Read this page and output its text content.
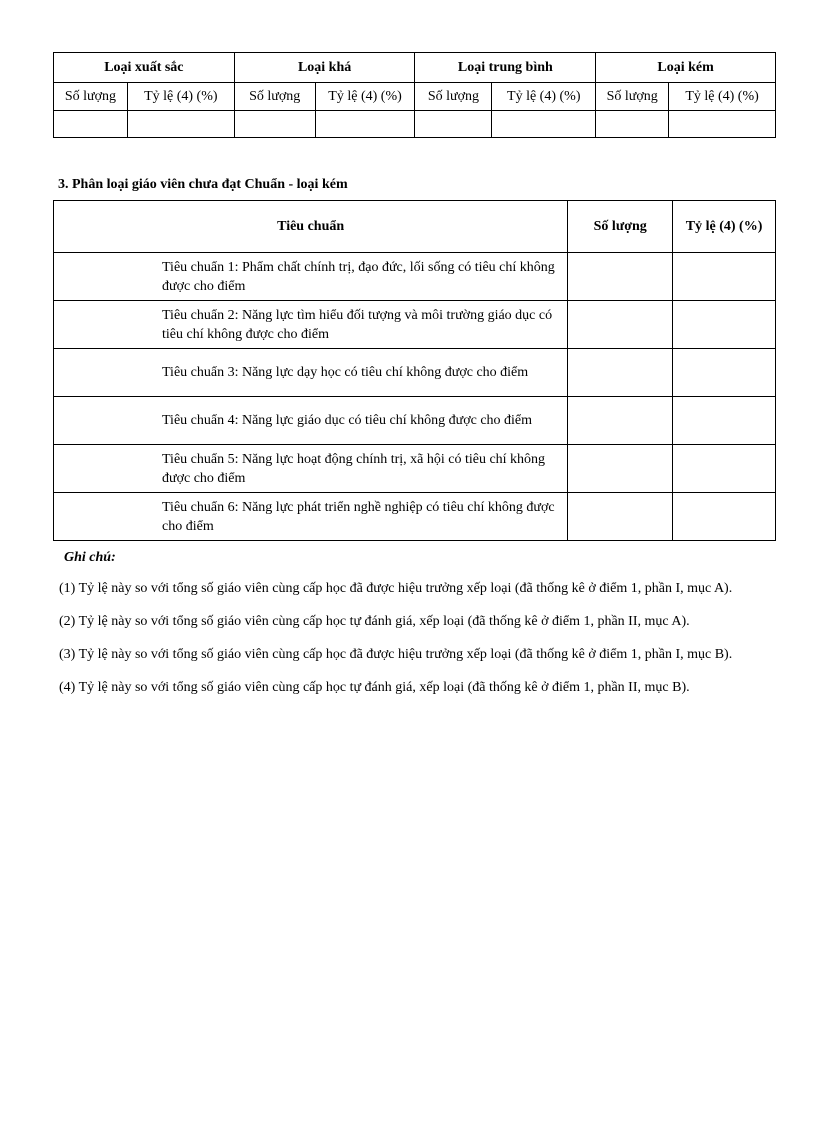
Loại xuất sắc		Loại khá		Loại trung bình		Loại kém	
Số lượng	Tỷ lệ (4) (%)	Số lượng	Tỷ lệ (4) (%)	Số lượng	Tỷ lệ (4) (%)	Số lượng	Tỷ lệ (4) (%)

3. Phân loại giáo viên chưa đạt Chuẩn - loại kém

Tiêu chuẩn	Số lượng	Tỷ lệ (4) (%)
Tiêu chuẩn 1: Phẩm chất chính trị, đạo đức, lối sống có tiêu chí không được cho điểm		
Tiêu chuẩn 2: Năng lực tìm hiểu đối tượng và môi trường giáo dục có tiêu chí không được cho điểm		
Tiêu chuẩn 3: Năng lực dạy học có tiêu chí không được cho điểm		
Tiêu chuẩn 4: Năng lực giáo dục có tiêu chí không được cho điểm		
Tiêu chuẩn 5: Năng lực hoạt động chính trị, xã hội có tiêu chí không được cho điểm		
Tiêu chuẩn 6: Năng lực phát triển nghề nghiệp có tiêu chí không được cho điểm		

Ghi chú:

(1) Tỷ lệ này so với tổng số giáo viên cùng cấp học đã được hiệu trưởng xếp loại (đã thống kê ở điểm 1, phần I, mục A).

(2) Tỷ lệ này so với tổng số giáo viên cùng cấp học tự đánh giá, xếp loại (đã thống kê ở điểm 1, phần II, mục A).

(3) Tỷ lệ này so với tổng số giáo viên cùng cấp học đã được hiệu trưởng xếp loại (đã thống kê ở điểm 1, phần I, mục B).

(4) Tỷ lệ này so với tổng số giáo viên cùng cấp học tự đánh giá, xếp loại (đã thống kê ở điểm 1, phần II, mục B).
